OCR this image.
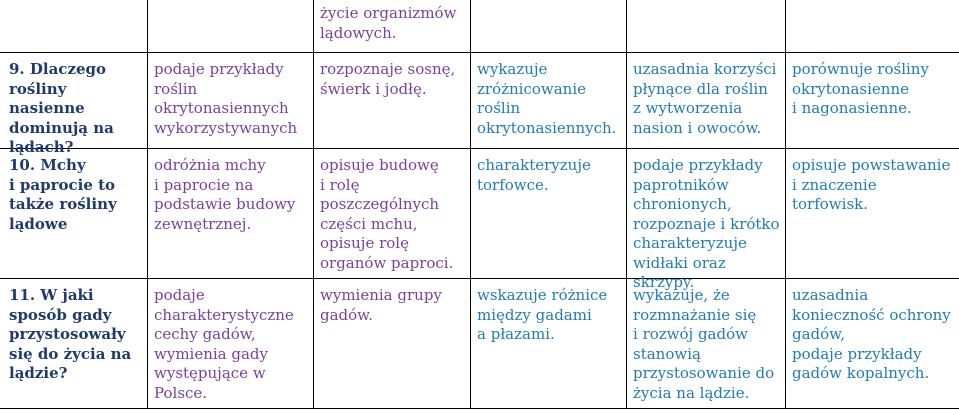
życie organizmów
lądowych.
9. Dlaczego
rośliny nasienne
dominują na
lądach?
podaje przykłady
roślin
okrytonasiennych
wykorzystywanych
rozpoznaje sosnę,
świerk i jodłę.
wykazuje
zróżnicowanie roślin
okrytonasiennych.
uzasadnia korzyści
płynące dla roślin
z wytworzenia
nasion i owoców.
porównuje rośliny
okrytonasienne
i nagonasienne.
10. Mchy
i paprocie to
także rośliny
lądowe
odróżnia mchy
i paprocie na
podstawie budowy
zewnętrznej.
opisuje budowę
i rolę
poszczególnych
części mchu,
opisuje rolę
organów paproci.
charakteryzuje
torfowce.
podaje przykłady
paprotników
chronionych,
rozpoznaje i krótko
charakteryzuje
widłaki oraz skrzypy.
opisuje powstawanie
i znaczenie torfowisk.
11. W jaki
sposób gady
przystosowały
się do życia na
lądzie?
podaje
charakterystyczne
cechy gadów,
wymienia gady
występujące w Polsce.
wymienia grupy
gadów.
wskazuje różnice
między gadami
a płazami.
wykazuje, że
rozmnażanie się
i rozwój gadów
stanowią
przystosowanie do
życia na lądzie.
uzasadnia
konieczność ochrony
gadów,
podaje przykłady
gadów kopalnych.
